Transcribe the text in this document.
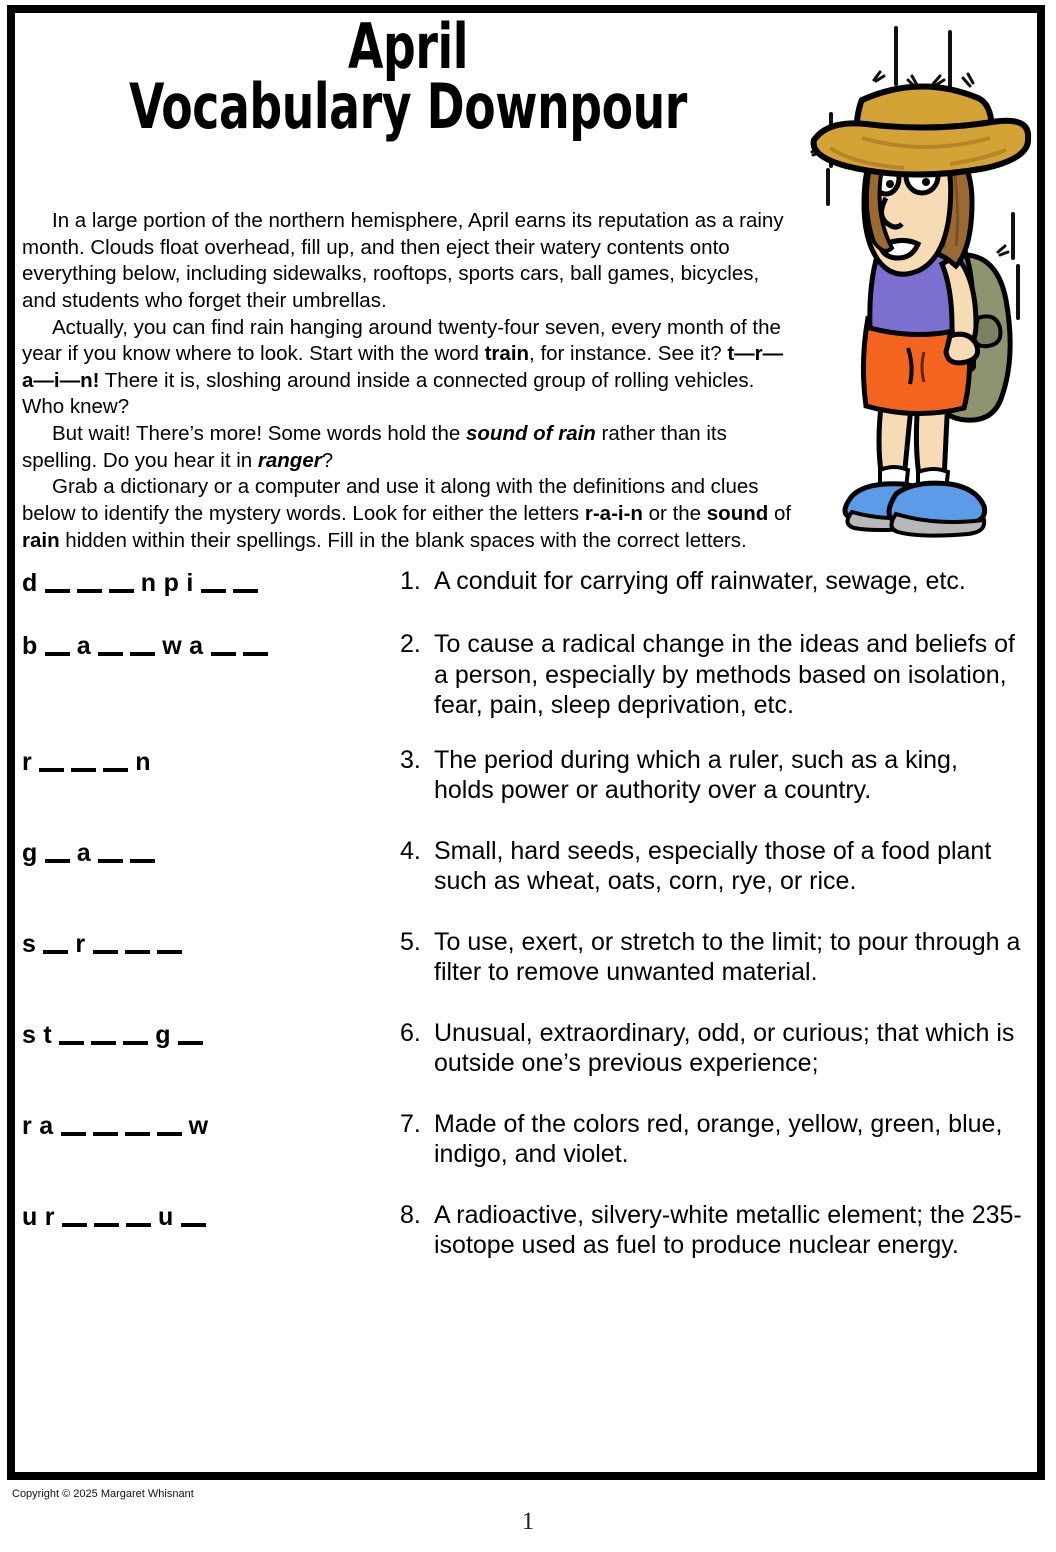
April
Vocabulary Downpour

In a large portion of the northern hemisphere, April earns its reputation as a rainy month. Clouds float overhead, fill up, and then eject their watery contents onto everything below, including sidewalks, rooftops, sports cars, ball games, bicycles, and students who forget their umbrellas.

Actually, you can find rain hanging around twenty-four seven, every month of the year if you know where to look. Start with the word train, for instance. See it? t—r—a—i—n! There it is, sloshing around inside a connected group of rolling vehicles. Who knew?

But wait! There’s more! Some words hold the sound of rain rather than its spelling. Do you hear it in ranger?

Grab a dictionary or a computer and use it along with the definitions and clues below to identify the mystery words. Look for either the letters r-a-i-n or the sound of rain hidden within their spellings. Fill in the blank spaces with the correct letters.

d	n p i	1. A conduit for carrying off rainwater, sewage, etc.
b a	w a	2. To cause a radical change in the ideas and beliefs of a person, especially by methods based on isolation, fear, pain, sleep deprivation, etc.
r	n	3. The period during which a ruler, such as a king, holds power or authority over a country.
g a	4. Small, hard seeds, especially those of a food plant such as wheat, oats, corn, rye, or rice.
s r	5. To use, exert, or stretch to the limit; to pour through a filter to remove unwanted material.
s t	g	6. Unusual, extraordinary, odd, or curious; that which is outside one’s previous experience;
r a	w	7. Made of the colors red, orange, yellow, green, blue, indigo, and violet.
u r	u	8. A radioactive, silvery-white metallic element; the 235-isotope used as fuel to produce nuclear energy.
Copyright © 2025 Margaret Whisnant
1
